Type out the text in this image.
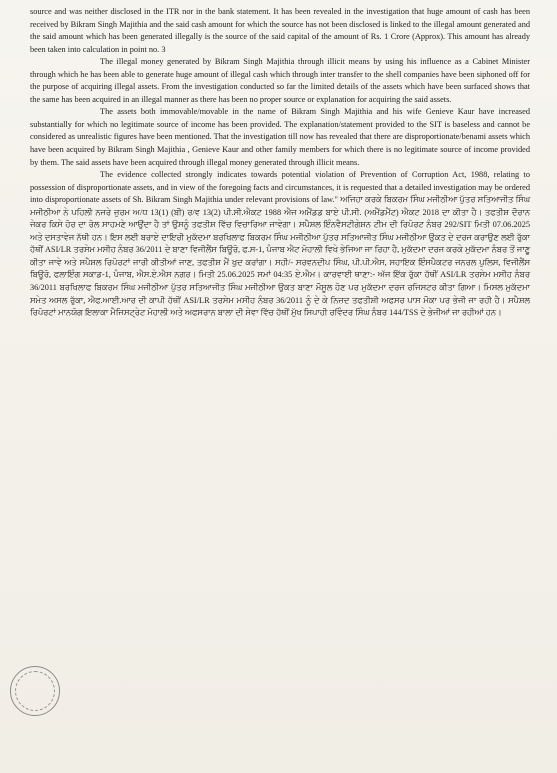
source and was neither disclosed in the ITR nor in the bank statement. It has been revealed in the investigation that huge amount of cash has been received by Bikram Singh Majithia and the said cash amount for which the source has not been disclosed is linked to the illegal amount generated and the said amount which has been generated illegally is the source of the said capital of the amount of Rs. 1 Crore (Approx). This amount has already been taken into calculation in point no. 3

The illegal money generated by Bikram Singh Majithia through illicit means by using his influence as a Cabinet Minister through which he has been able to generate huge amount of illegal cash which through inter transfer to the shell companies have been siphoned off for the purpose of acquiring illegal assets. From the investigation conducted so far the limited details of the assets which have been surfaced shows that the same has been acquired in an illegal manner as there has been no proper source or explanation for acquiring the said assets.

The assets both immovable/movable in the name of Bikram Singh Majithia and his wife Genieve Kaur have increased substantially for which no legitimate source of income has been provided. The explanation/statement provided to the SIT is baseless and cannot be considered as unrealistic figures have been mentioned. That the investigation till now has revealed that there are disproportionate/benami assets which have been acquired by Bikram Singh Majithia , Genieve Kaur and other family members for which there is no legitimate source of income provided by them. The said assets have been acquired through illegal money generated through illicit means.

The evidence collected strongly indicates towards potential violation of Prevention of Corruption Act, 1988, relating to possession of disproportionate assets, and in view of the foregoing facts and circumstances, it is requested that a detailed investigation may be ordered into disproportionate assets of Sh. Bikram Singh Majithia under relevant provisions of law." ਅਜਿਹਾ ਕਰਕੇ ਬਿਕਰਮ ਸਿੰਘ ਮਜੀਠੀਆ ਪੁੱਤਰ ਸਤਿਆਜੀਤ ਸਿੰਘ ਮਜੀਠੀਆ ਨੇ ਪਹਿਲੀ ਨਜਰੇ ਜੁਰਮ ਅ/ਧ 13(1) (ਬੀ) ਰ/ਵ 13(2) ਪੀ.ਸੀ.ਐਕਟ 1988 ਐਜ ਅਮੈਂਡਡ ਬਾਏ ਪੀ.ਸੀ. (ਅਮੈਂਡਮੈਂਟ) ਐਕਟ 2018 ਦਾ ਕੀਤਾ ਹੈ। ਤਫਤੀਸ਼ ਦੌਰਾਨ ਜੇਕਰ ਕਿਸੇ ਹੋਰ ਦਾ ਰੋਲ ਸਾਹਮਣੇ ਆਉਂਦਾ ਹੈ ਤਾਂ ਉਸਨੂੰ ਤਫਤੀਸ਼ ਵਿੱਚ ਵਿਚਾਰਿਆ ਜਾਵੇਗਾ। ਸਪੈਸ਼ਲ ਇੰਨਵੈਸਟੀਗੇਸ਼ਨ ਟੀਮ ਦੀ ਰਿਪੋਰਟ ਨੰਬਰ 292/SIT ਮਿਤੀ 07.06.2025 ਅਤੇ ਦਸਤਾਵੇਜ ਨੱਥੀ ਹਨ। ਇਸ ਲਈ ਬਰਾਏ ਦਾਇਰੀ ਮੁਕੱਦਮਾ ਬਰਖਿਲਾਫ ਬਿਕਰਮ ਸਿੰਘ ਮਜੀਠੀਆ ਪੁੱਤਰ ਸਤਿਆਜੀਤ ਸਿੰਘ ਮਜੀਠੀਆ ਉਕਤ ਦੇ ਦਰਜ ਕਰਾਉਣ ਲਈ ਰੁੱਕਾ ਹੱਥੀਂ ASI/LR ਤਰਸੇਮ ਮਸੀਹ ਨੰਬਰ 36/2011 ਦੇ ਬਾਣਾ ਵਿਜੀਲੈਂਸ ਬਿਊਰੋ, ਫ.ਸ-1, ਪੰਜਾਬ ਐਟ ਮੋਹਾਲੀ ਵਿਖੇ ਭੇਜਿਆ ਜਾ ਰਿਹਾ ਹੈ, ਮੁਕੱਦਮਾ ਦਰਜ ਕਰਕੇ ਮੁਕੱਦਮਾ ਨੰਬਰ ਤੋਂ ਜਾਣੂ ਕੀਤਾ ਜਾਵੇ ਅਤੇ ਸਪੈਸ਼ਲ ਰਿਪੋਰਟਾਂ ਜਾਰੀ ਕੀਤੀਆਂ ਜਾਣ, ਤਫਤੀਸ਼ ਮੈਂ ਖੁਦ ਕਰਾਂਗਾ। ਸਹੀ/- ਸਰਵਨਦੀਪ ਸਿੰਘ, ਪੀ.ਪੀ.ਐਸ, ਸਹਾਇਕ ਇੰਸਪੈਕਟਰ ਜਨਰਲ ਪੁਲਿਸ, ਵਿਜੀਲੈਂਸ ਬਿਊਰੋ, ਫਲਾਇੰਗ ਸਕਾਡ-1, ਪੰਜਾਬ, ਐਸ.ਏ.ਐਸ ਨਗਰ। ਮਿਤੀ 25.06.2025 ਸਮਾਂ 04:35 ਏ.ਐਮ। ਕਾਰਵਾਈ ਥਾਣਾ:- ਅੱਜ ਇੱਕ ਰੁੱਕਾ ਹੱਥੀਂ ASI/LR ਤਰਸੇਮ ਮਸੀਹ ਨੰਬਰ 36/2011 ਬਰਖਿਲਾਫ ਬਿਕਰਮ ਸਿੰਘ ਮਜੀਠੀਆ ਪੁੱਤਰ ਸਤਿਆਜੀਤ ਸਿੰਘ ਮਜੀਠੀਆ ਉਕਤ ਬਾਣਾ ਮੌਸੂਲ ਹੋਣ ਪਰ ਮੁਕੱਦਮਾ ਦਰਜ ਰਜਿਸਟਰ ਕੀਤਾ ਗਿਆ। ਮਿਸਲ ਮੁਕੱਦਮਾ ਸਮੇਤ ਅਸਲ ਰੁੱਕਾ, ਐਫ.ਆਈ.ਆਰ ਦੀ ਕਾਪੀ ਹੱਥੀਂ ASI/LR ਤਰਸੇਮ ਮਸੀਹ ਨੰਬਰ 36/2011 ਨੂੰ ਦੇ ਕੇ ਨਿਜ਼ਦ ਤਫਤੀਸ਼ੀ ਅਫਸਰ ਪਾਸ ਮੌਕਾ ਪਰ ਭੇਜੀ ਜਾ ਰਹੀ ਹੈ। ਸਪੈਸ਼ਲ ਰਿਪੋਰਟਾਂ ਮਾਨਯੋਗ ਇਲਾਕਾ ਮੈਜਿਸਟ੍ਰੇਟ ਮੋਹਾਲੀ ਅਤੇ ਅਫਸਰਾਨ ਬਾਲਾ ਦੀ ਸੇਵਾ ਵਿੱਚ ਹੱਥੀਂ ਮੁੱਖ ਸਿਪਾਹੀ ਰਵਿੰਦਰ ਸਿੰਘ ਨੰਬਰ 144/TSS ਦੇ ਭੇਜੀਆਂ ਜਾ ਰਹੀਆਂ ਹਨ।
